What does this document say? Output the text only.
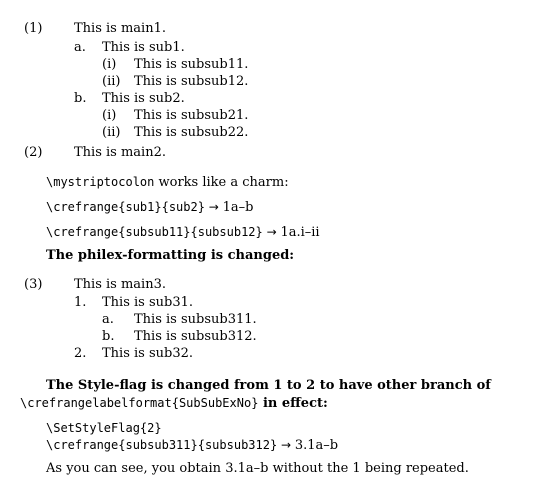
(1) This is main1.
a. This is sub1.
(i) This is subsub11.
(ii) This is subsub12.
b. This is sub2.
(i) This is subsub21.
(ii) This is subsub22.
(2) This is main2.
\mystriptocolon works like a charm:
\crefrange{sub1}{sub2} → 1a–b
\crefrange{subsub11}{subsub12} → 1a.i–ii
The philex-formatting is changed:
(3) This is main3.
1. This is sub31.
a. This is subsub311.
b. This is subsub312.
2. This is sub32.
The Style-flag is changed from 1 to 2 to have other branch of
\crefrangelabelformat{SubSubExNo} in effect:
\SetStyleFlag{2}
\crefrange{subsub311}{subsub312} → 3.1a–b
As you can see, you obtain 3.1a–b without the 1 being repeated.
